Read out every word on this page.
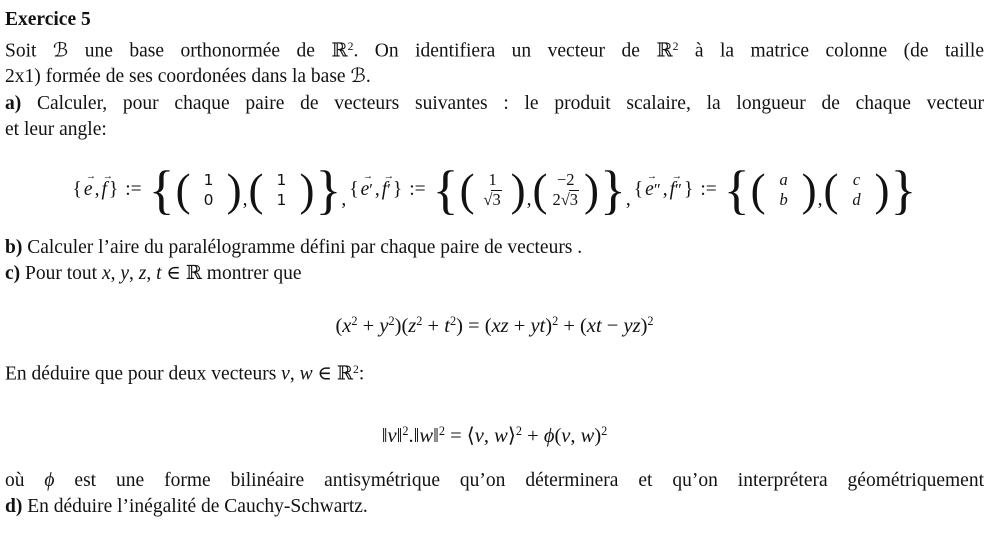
Exercice 5
Soit ℬ une base orthonormée de ℝ$^2$. On identifiera un vecteur de ℝ$^2$ à la matrice colonne (de taille
2x1) formée de ses coordonées dans la base ℬ.
a) Calculer, pour chaque paire de vecteurs suivantes : le produit scalaire, la longueur de chaque vecteur
et leur angle:
{
→
e ,
→
f } := { ( 1
0 ) , ( 1
1 ) } , {
→
e′ ,
→
f′ } := { ( 1
√3 ) , ( −2
2√3 ) } , {
→
e″ ,
→
f″ } := { ( a
b ) , ( c
d ) }
b) Calculer l’aire du paralélogramme défini par chaque paire de vecteurs .
c) Pour tout x, y, z, t ∈ ℝ montrer que
$(x^2 + y^2)(z^2 + t^2) = (xz + yt)^2 + (xt - yz)^2$
En déduire que pour deux vecteurs v, w ∈ ℝ$^2$:
‖v‖$^2$.‖w‖$^2$ = ⟨v, w⟩$^2$ + ϕ(v, w)$^2$
où ϕ est une forme bilinéaire antisymétrique qu’on déterminera et qu’on interprétera géométriquement
d) En déduire l’inégalité de Cauchy-Schwartz.
